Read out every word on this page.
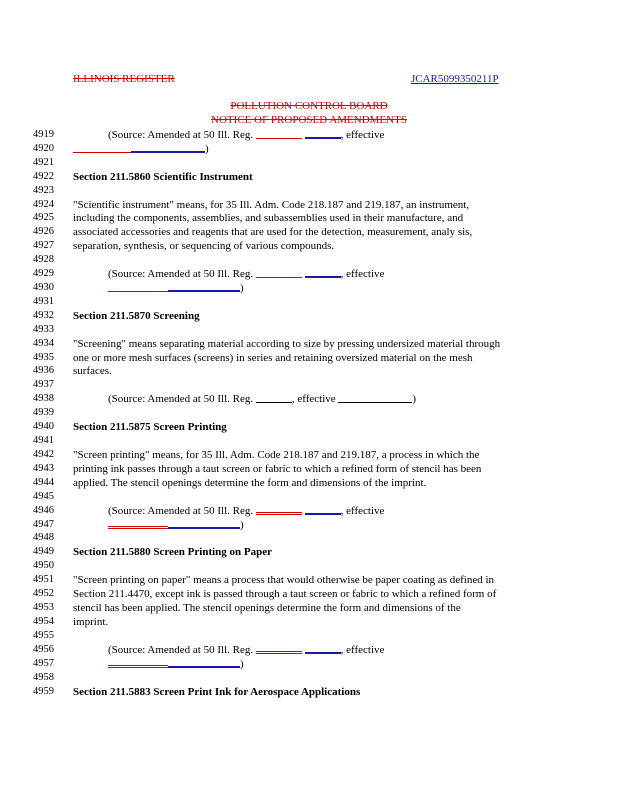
ILLINOIS REGISTER	JCAR5099350211P
POLLUTION CONTROL BOARD
NOTICE OF PROPOSED AMENDMENTS
4919
4920
4921
4922
4923
4924
4925
4926
4927
4928
4929
4930
4931
4932
4933
4934
4935
4936
4937
4938
4939
4940
4941
4942
4943
4944
4945
4946
4947
4948
4949
4950
4951
4952
4953
4954
4955
4956
4957
4958
4959
(Source: Amended at 50 Ill. Reg.	, effective
)
Section 211.5860 Scientific Instrument
"Scientific instrument" means, for 35 Ill. Adm. Code 218.187 and 219.187, an instrument,
including the components, assemblies, and subassemblies used in their manufacture, and
associated accessories and reagents that are used for the detection, measurement, analy sis,
separation, synthesis, or sequencing of various compounds.
(Source: Amended at 50 Ill. Reg.	, effective
)
Section 211.5870 Screening
"Screening" means separating material according to size by pressing undersized material through
one or more mesh surfaces (screens) in series and retaining oversized material on the mesh
surfaces.
(Source: Amended at 50 Ill. Reg.	, effective	)
Section 211.5875 Screen Printing
"Screen printing" means, for 35 Ill. Adm. Code 218.187 and 219.187, a process in which the
printing ink passes through a taut screen or fabric to which a refined form of stencil has been
applied. The stencil openings determine the form and dimensions of the imprint.
(Source: Amended at 50 Ill. Reg.	, effective
)
Section 211.5880 Screen Printing on Paper
"Screen printing on paper" means a process that would otherwise be paper coating as defined in
Section 211.4470, except ink is passed through a taut screen or fabric to which a refined form of
stencil has been applied. The stencil openings determine the form and dimensions of the
imprint.
(Source: Amended at 50 Ill. Reg.	, effective
)
Section 211.5883 Screen Print Ink for Aerospace Applications
